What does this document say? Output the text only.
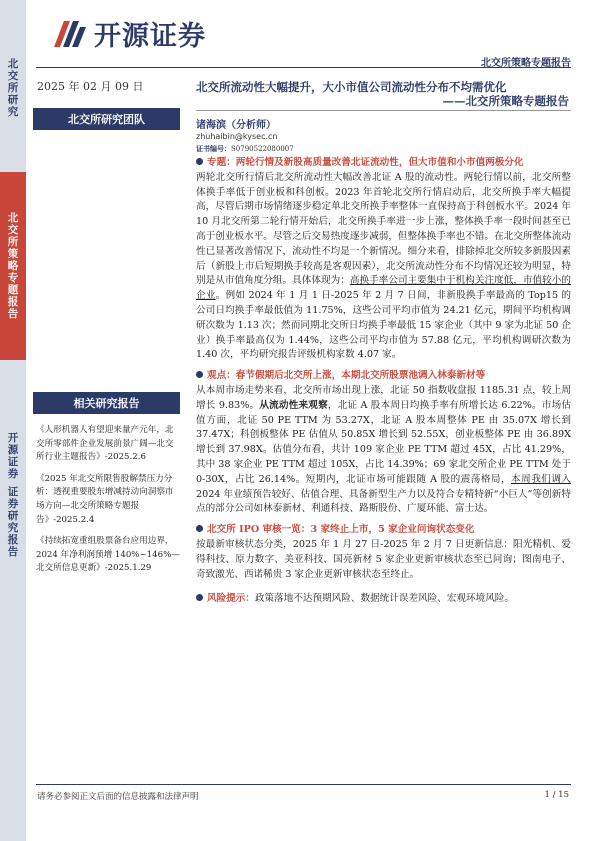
北
交
所
研
究
北
交
所
策
略
专
题
报
告
开
源
证
券
证
券
研
究
报
告
开源证券
北交所策略专题报告
2025 年 02 月 09 日
北交所研究团队
相关研究报告
《人形机器人有望迎来量产元年，北交所零部件企业发展前景广阔—北交所行业主题报告》-2025.2.6
《2025 年北交所限售股解禁压力分析：透视重要股东增减持动向洞察市场方向—北交所策略专题报告》-2025.2.4
《持续拓宽重组股票备台应用边界，2024 年净利润预增 140%~146%—北交所信息更新》-2025.1.29
北交所流动性大幅提升，大小市值公司流动性分布不均需优化
——北交所策略专题报告
诸海滨（分析师）
zhuhaibin@kysec.cn
证书编号：S0790522080007
专题：两轮行情及新股高质量改善北证流动性，但大市值和小市值两极分化
两轮北交所行情后北交所流动性大幅改善北证 A 股的流动性。两轮行情以前，北交所整体换手率低于创业板和科创板。2023 年首轮北交所行情启动后，北交所换手率大幅提高，尽管后期市场情绪逐步稳定单北交所换手率整体一直保持高于科创板水平。2024 年 10 月北交所第二轮行情开始后，北交所换手率进一步上涨，整体换手率一段时间甚至已高于创业板水平。尽管之后交易热度逐步减弱，但整体换手率也不错。在北交所整体流动性已显著改善情况下，流动性不均是一个新情况。细分来看，排除掉北交所较多新股因素后（新股上市后短期换手较高是客观因素），北交所流动性分布不均情况还较为明显，特别是从市值角度分组。具体体现为：高换手率公司主要集中于机构关注度低，市值较小的企业。例如 2024 年 1 月 1 日-2025 年 2 月 7 日间，非新股换手率最高的 Top15 的公司日均换手率最低值为 11.75%，这些公司平均市值为 24.21 亿元，期间平均机构调研次数为 1.13 次；然而同期北交所日均换手率最低 15 家企业（其中 9 家为北证 50 企业）换手率最高仅为 1.44%，这些公司平均市值为 57.88 亿元，平均机构调研次数为 1.40 次，平均研究报告评级机构家数 4.07 家。
观点：春节假期后北交所上涨，本期北交所股票池调入林泰新材等
从本周市场走势来看，北交所市场出现上涨，北证 50 指数收盘报 1185.31 点，较上周增长 9.83%。从流动性来观察，北证 A 股本周日均换手率有所增长达 6.22%。市场估值方面，北证 50 PE TTM 为 53.27X，北证 A 股本周整体 PE 由 35.07X 增长到 37.47X；科创板整体 PE 估值从 50.85X 增长到 52.55X，创业板整体 PE 由 36.89X 增长到 37.98X。估值分布看，共计 109 家企业 PE TTM 超过 45X，占比 41.29%，其中 38 家企业 PE TTM 超过 105X，占比 14.39%；69 家北交所企业 PE TTM 处于 0-30X，占比 26.14%。短期内，北证市场可能跟随 A 股的震荡格局，本周我们调入 2024 年业绩预告较好、估值合理、具备新型生产力以及符合专精特新“小巨人”等创新特点的部分公司如林泰新材、利通科技、路斯股份、广厦环能、富士达。
北交所 IPO 审核一览：3 家终止上市，5 家企业问询状态变化
按最新审核状态分类，2025 年 1 月 27 日-2025 年 2 月 7 日更新信息：阳光精机、爱得科技、原力数字、美亚科技、国亮新材 5 家企业更新审核状态至已问询；图南电子、奇致激光、西诺稀贵 3 家企业更新审核状态至终止。
风险提示：政策落地不达预期风险、数据统计误差风险、宏观环境风险。
请务必参阅正文后面的信息披露和法律声明	1 / 15
